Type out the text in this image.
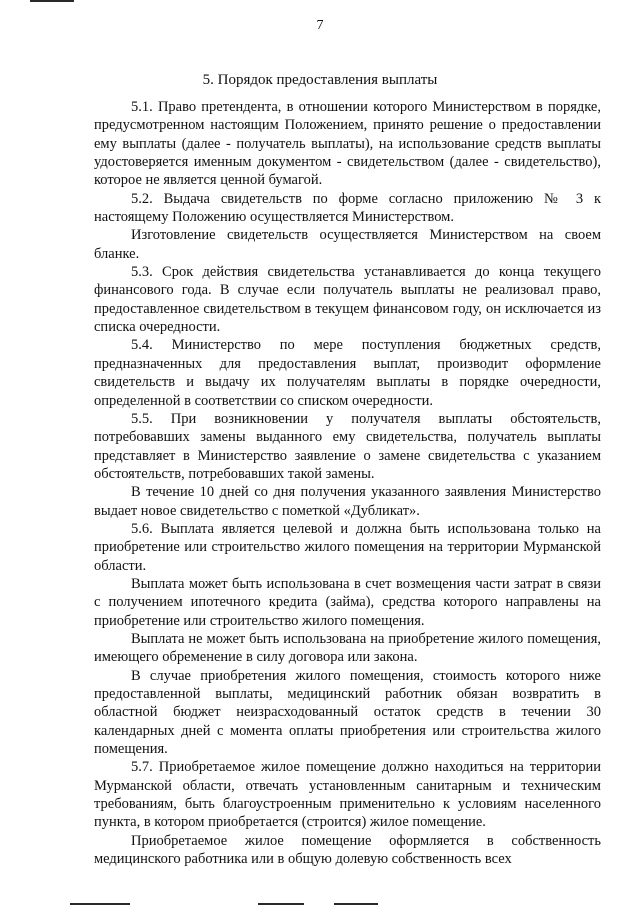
7
5. Порядок предоставления выплаты

5.1. Право претендента, в отношении которого Министерством в порядке, предусмотренном настоящим Положением, принято решение о предоставлении ему выплаты (далее - получатель выплаты), на использование средств выплаты удостоверяется именным документом - свидетельством (далее - свидетельство), которое не является ценной бумагой.

5.2. Выдача свидетельств по форме согласно приложению № 3 к настоящему Положению осуществляется Министерством.

Изготовление свидетельств осуществляется Министерством на своем бланке.

5.3. Срок действия свидетельства устанавливается до конца текущего финансового года. В случае если получатель выплаты не реализовал право, предоставленное свидетельством в текущем финансовом году, он исключается из списка очередности.

5.4. Министерство по мере поступления бюджетных средств, предназначенных для предоставления выплат, производит оформление свидетельств и выдачу их получателям выплаты в порядке очередности, определенной в соответствии со списком очередности.

5.5. При возникновении у получателя выплаты обстоятельств, потребовавших замены выданного ему свидетельства, получатель выплаты представляет в Министерство заявление о замене свидетельства с указанием обстоятельств, потребовавших такой замены.

В течение 10 дней со дня получения указанного заявления Министерство выдает новое свидетельство с пометкой «Дубликат».

5.6. Выплата является целевой и должна быть использована только на приобретение или строительство жилого помещения на территории Мурманской области.

Выплата может быть использована в счет возмещения части затрат в связи с получением ипотечного кредита (займа), средства которого направлены на приобретение или строительство жилого помещения.

Выплата не может быть использована на приобретение жилого помещения, имеющего обременение в силу договора или закона.

В случае приобретения жилого помещения, стоимость которого ниже предоставленной выплаты, медицинский работник обязан возвратить в областной бюджет неизрасходованный остаток средств в течении 30 календарных дней с момента оплаты приобретения или строительства жилого помещения.

5.7. Приобретаемое жилое помещение должно находиться на территории Мурманской области, отвечать установленным санитарным и техническим требованиям, быть благоустроенным применительно к условиям населенного пункта, в котором приобретается (строится) жилое помещение.

Приобретаемое жилое помещение оформляется в собственность медицинского работника или в общую долевую собственность всех
